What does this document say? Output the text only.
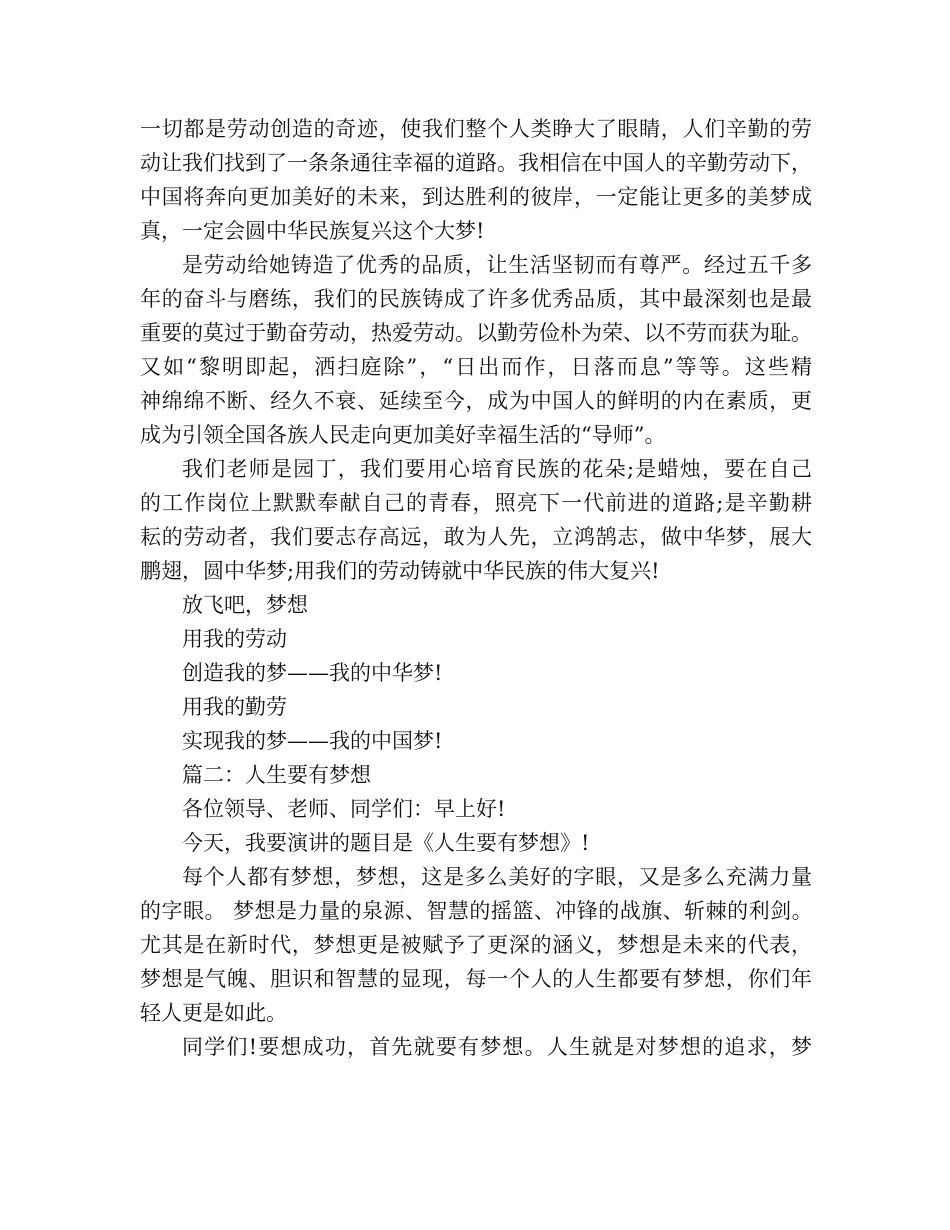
一切都是劳动创造的奇迹，使我们整个人类睁大了眼睛，人们辛勤的劳
动让我们找到了一条条通往幸福的道路。我相信在中国人的辛勤劳动下，
中国将奔向更加美好的未来，到达胜利的彼岸，一定能让更多的美梦成
真，一定会圆中华民族复兴这个大梦!
是劳动给她铸造了优秀的品质，让生活坚韧而有尊严。经过五千多
年的奋斗与磨练，我们的民族铸成了许多优秀品质，其中最深刻也是最
重要的莫过于勤奋劳动，热爱劳动。以勤劳俭朴为荣、以不劳而获为耻。
又如“黎明即起，洒扫庭除”，“日出而作，日落而息”等等。这些精
神绵绵不断、经久不衰、延续至今，成为中国人的鲜明的内在素质，更
成为引领全国各族人民走向更加美好幸福生活的“导师”。
我们老师是园丁，我们要用心培育民族的花朵;是蜡烛，要在自己
的工作岗位上默默奉献自己的青春，照亮下一代前进的道路;是辛勤耕
耘的劳动者，我们要志存高远，敢为人先，立鸿鹄志，做中华梦，展大
鹏翅，圆中华梦;用我们的劳动铸就中华民族的伟大复兴!
放飞吧，梦想
用我的劳动
创造我的梦——我的中华梦!
用我的勤劳
实现我的梦——我的中国梦!
篇二：人生要有梦想
各位领导、老师、同学们：早上好!
今天，我要演讲的题目是《人生要有梦想》!
每个人都有梦想，梦想，这是多么美好的字眼，又是多么充满力量
的字眼。 梦想是力量的泉源、智慧的摇篮、冲锋的战旗、斩棘的利剑。
尤其是在新时代，梦想更是被赋予了更深的涵义，梦想是未来的代表，
梦想是气魄、胆识和智慧的显现，每一个人的人生都要有梦想，你们年
轻人更是如此。
同学们!要想成功，首先就要有梦想。人生就是对梦想的追求，梦
